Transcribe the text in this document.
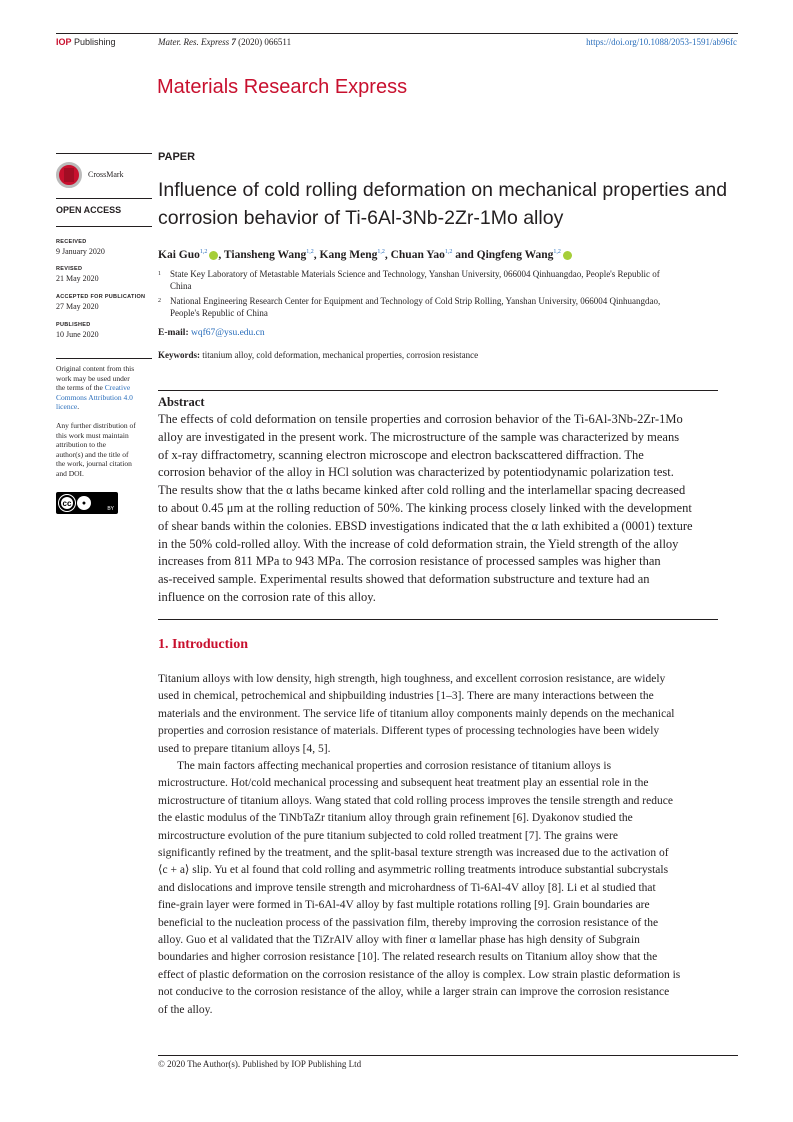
IOP Publishing	Mater. Res. Express 7 (2020) 066511	https://doi.org/10.1088/2053-1591/ab96fc
Materials Research Express
CrossMark
OPEN ACCESS
RECEIVED
9 January 2020
REVISED
21 May 2020
ACCEPTED FOR PUBLICATION
27 May 2020
PUBLISHED
10 June 2020
Original content from this
work may be used under
the terms of the Creative
Commons Attribution 4.0
licence.
Any further distribution of
this work must maintain
attribution to the
author(s) and the title of
the work, journal citation
and DOI.
cc	●
BY
PAPER
Influence of cold rolling deformation on mechanical properties and
corrosion behavior of Ti-6Al-3Nb-2Zr-1Mo alloy
Kai Guo$^{1,2}$ , Tiansheng Wang$^{1,2}$, Kang Meng$^{1,2}$, Chuan Yao$^{1,2}$ and Qingfeng Wang$^{1,2}$
1 State Key Laboratory of Metastable Materials Science and Technology, Yanshan University, 066004 Qinhuangdao, People's Republic of
China
2 National Engineering Research Center for Equipment and Technology of Cold Strip Rolling, Yanshan University, 066004 Qinhuangdao,
People's Republic of China
E-mail: wqf67@ysu.edu.cn
Keywords: titanium alloy, cold deformation, mechanical properties, corrosion resistance
Abstract
The effects of cold deformation on tensile properties and corrosion behavior of the Ti-6Al-3Nb-2Zr-1Mo
alloy are investigated in the present work. The microstructure of the sample was characterized by means
of x-ray diffractometry, scanning electron microscope and electron backscattered diffraction. The
corrosion behavior of the alloy in HCl solution was characterized by potentiodynamic polarization test.
The results show that the α laths became kinked after cold rolling and the interlamellar spacing decreased
to about 0.45 μm at the rolling reduction of 50%. The kinking process closely linked with the development
of shear bands within the colonies. EBSD investigations indicated that the α lath exhibited a (0001) texture
in the 50% cold-rolled alloy. With the increase of cold deformation strain, the Yield strength of the alloy
increases from 811 MPa to 943 MPa. The corrosion resistance of processed samples was higher than
as-received sample. Experimental results showed that deformation substructure and texture had an
influence on the corrosion rate of this alloy.
1. Introduction
Titanium alloys with low density, high strength, high toughness, and excellent corrosion resistance, are widely
used in chemical, petrochemical and shipbuilding industries [1–3]. There are many interactions between the
materials and the environment. The service life of titanium alloy components mainly depends on the mechanical
properties and corrosion resistance of materials. Different types of processing technologies have been widely
used to prepare titanium alloys [4, 5].
The main factors affecting mechanical properties and corrosion resistance of titanium alloys is
microstructure. Hot/cold mechanical processing and subsequent heat treatment play an essential role in the
microstructure of titanium alloys. Wang stated that cold rolling process improves the tensile strength and reduce
the elastic modulus of the TiNbTaZr titanium alloy through grain refinement [6]. Dyakonov studied the
mircostructure evolution of the pure titanium subjected to cold rolled treatment [7]. The grains were
significantly refined by the treatment, and the split-basal texture strength was increased due to the activation of
⟨c + a⟩ slip. Yu et al found that cold rolling and asymmetric rolling treatments introduce substantial subcrystals
and dislocations and improve tensile strength and microhardness of Ti-6Al-4V alloy [8]. Li et al studied that
fine-grain layer were formed in Ti-6Al-4V alloy by fast multiple rotations rolling [9]. Grain boundaries are
beneficial to the nucleation process of the passivation film, thereby improving the corrosion resistance of the
alloy. Guo et al validated that the TiZrAlV alloy with finer α lamellar phase has high density of Subgrain
boundaries and higher corrosion resistance [10]. The related research results on Titanium alloy show that the
effect of plastic deformation on the corrosion resistance of the alloy is complex. Low strain plastic deformation is
not conducive to the corrosion resistance of the alloy, while a larger strain can improve the corrosion resistance
of the alloy.
© 2020 The Author(s). Published by IOP Publishing Ltd
